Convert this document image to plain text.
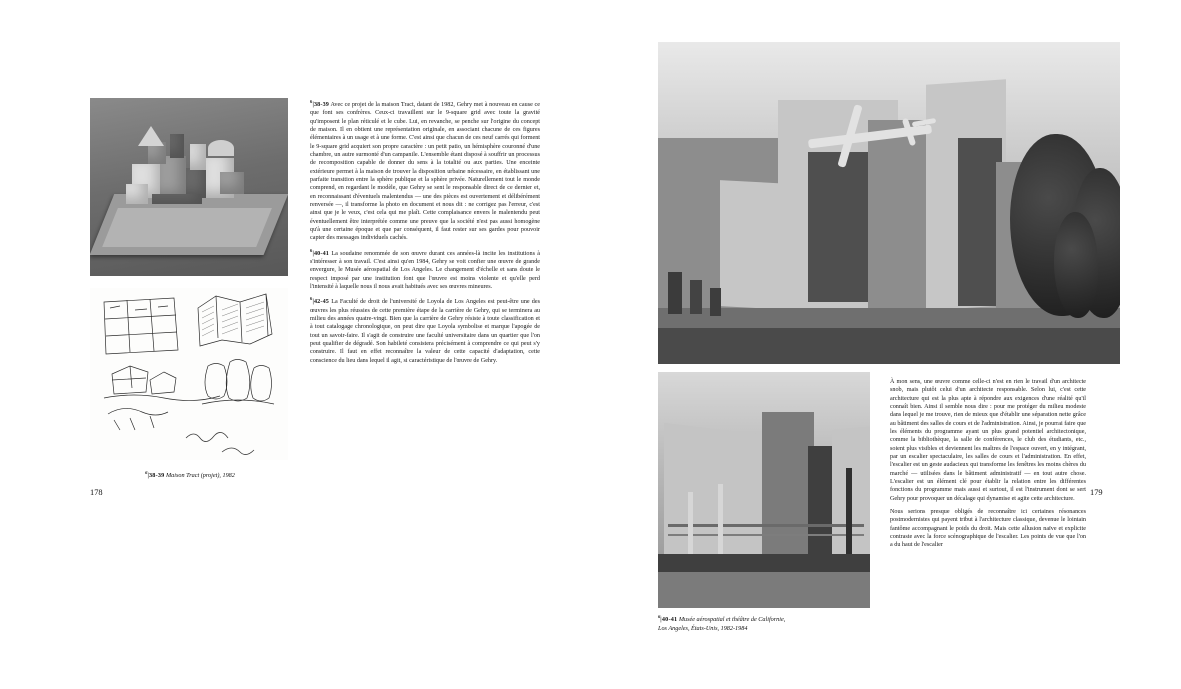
$^6$|38-39 Maison Tract (projet), 1982
178

$^6$|38-39 Avec ce projet de la maison Tract, datant de 1982, Gehry met à nouveau en cause ce que font ses confrères. Ceux-ci travaillent sur le 9-square grid avec toute la gravité qu'imposent le plan réticulé et le cube. Lui, en revanche, se penche sur l'origine du concept de maison. Il en obtient une représentation originale, en associant chacune de ces figures élémentaires à un usage et à une forme. C'est ainsi que chacun de ces neuf carrés qui forment le 9-square grid acquiert son propre caractère : un petit patio, un hémisphère couronné d'une chambre, un autre surmonté d'un campanile. L'ensemble étant disposé à souffrir un processus de recomposition capable de donner du sens à la totalité ou aux parties. Une enceinte extérieure permet à la maison de trouver la disposition urbaine nécessaire, en établissant une parfaite transition entre la sphère publique et la sphère privée. Naturellement tout le monde comprend, en regardant le modèle, que Gehry se sent le responsable direct de ce dernier et, en reconnaissant d'éventuels malentendus — une des pièces est ouvertement et délibérément renversée —, il transforme la photo en document et nous dit : ne corrigez pas l'erreur, c'est ainsi que je le veux, c'est cela qui me plaît. Cette complaisance envers le malentendu peut éventuellement être interprétée comme une preuve que la société n'est pas aussi homogène qu'à une certaine époque et que par conséquent, il faut rester sur ses gardes pour pouvoir capter des messages individuels cachés.

$^6$|40-41 La soudaine renommée de son œuvre durant ces années-là incite les institutions à s'intéresser à son travail. C'est ainsi qu'en 1984, Gehry se voit confier une œuvre de grande envergure, le Musée aérospatial de Los Angeles. Le changement d'échelle et sans doute le respect imposé par une institution font que l'œuvre est moins violente et qu'elle perd l'intensité à laquelle nous il nous avait habitués avec ses œuvres mineures.

$^6$|42-45 La Faculté de droit de l'université de Loyola de Los Angeles est peut-être une des œuvres les plus réussies de cette première étape de la carrière de Gehry, qui se terminera au milieu des années quatre-vingt. Bien que la carrière de Gehry résiste à toute classification et à tout catalogage chronologique, on peut dire que Loyola symbolise et marque l'apogée de tout un savoir-faire. Il s'agit de construire une faculté universitaire dans un quartier que l'on peut qualifier de dégradé. Son habileté consistera précisément à comprendre ce qui peut s'y construire. Il faut en effet reconnaître la valeur de cette capacité d'adaptation, cette conscience du lieu dans lequel il agit, si caractéristique de l'œuvre de Gehry.

$^6$|40-41 Musée aérospatial et théâtre de Californie,
Los Angeles, États-Unis, 1982-1984
179

À mon sens, une œuvre comme celle-ci n'est en rien le travail d'un architecte snob, mais plutôt celui d'un architecte responsable. Selon lui, c'est cette architecture qui est la plus apte à répondre aux exigences d'une réalité qu'il connaît bien. Ainsi il semble nous dire : pour me protéger du milieu modeste dans lequel je me trouve, rien de mieux que d'établir une séparation nette grâce au bâtiment des salles de cours et de l'administration. Ainsi, je pourrai faire que les éléments du programme ayant un plus grand potentiel architectonique, comme la bibliothèque, la salle de conférences, le club des étudiants, etc., soient plus visibles et deviennent les maîtres de l'espace ouvert, en y intégrant, par un escalier spectaculaire, les salles de cours et l'administration. En effet, l'escalier est un geste audacieux qui transforme les fenêtres les moins chères du marché — utilisées dans le bâtiment administratif — en tout autre chose. L'escalier est un élément clé pour établir la relation entre les différentes fonctions du programme mais aussi et surtout, il est l'instrument dont se sert Gehry pour provoquer un décalage qui dynamise et agite cette architecture.

Nous serions presque obligés de reconnaître ici certaines résonances postmodernistes qui payent tribut à l'architecture classique, devenue le lointain fantôme accompagnant le poids du droit. Mais cette allusion naïve et explicite contraste avec la force scénographique de l'escalier. Les points de vue que l'on a du haut de l'escalier
